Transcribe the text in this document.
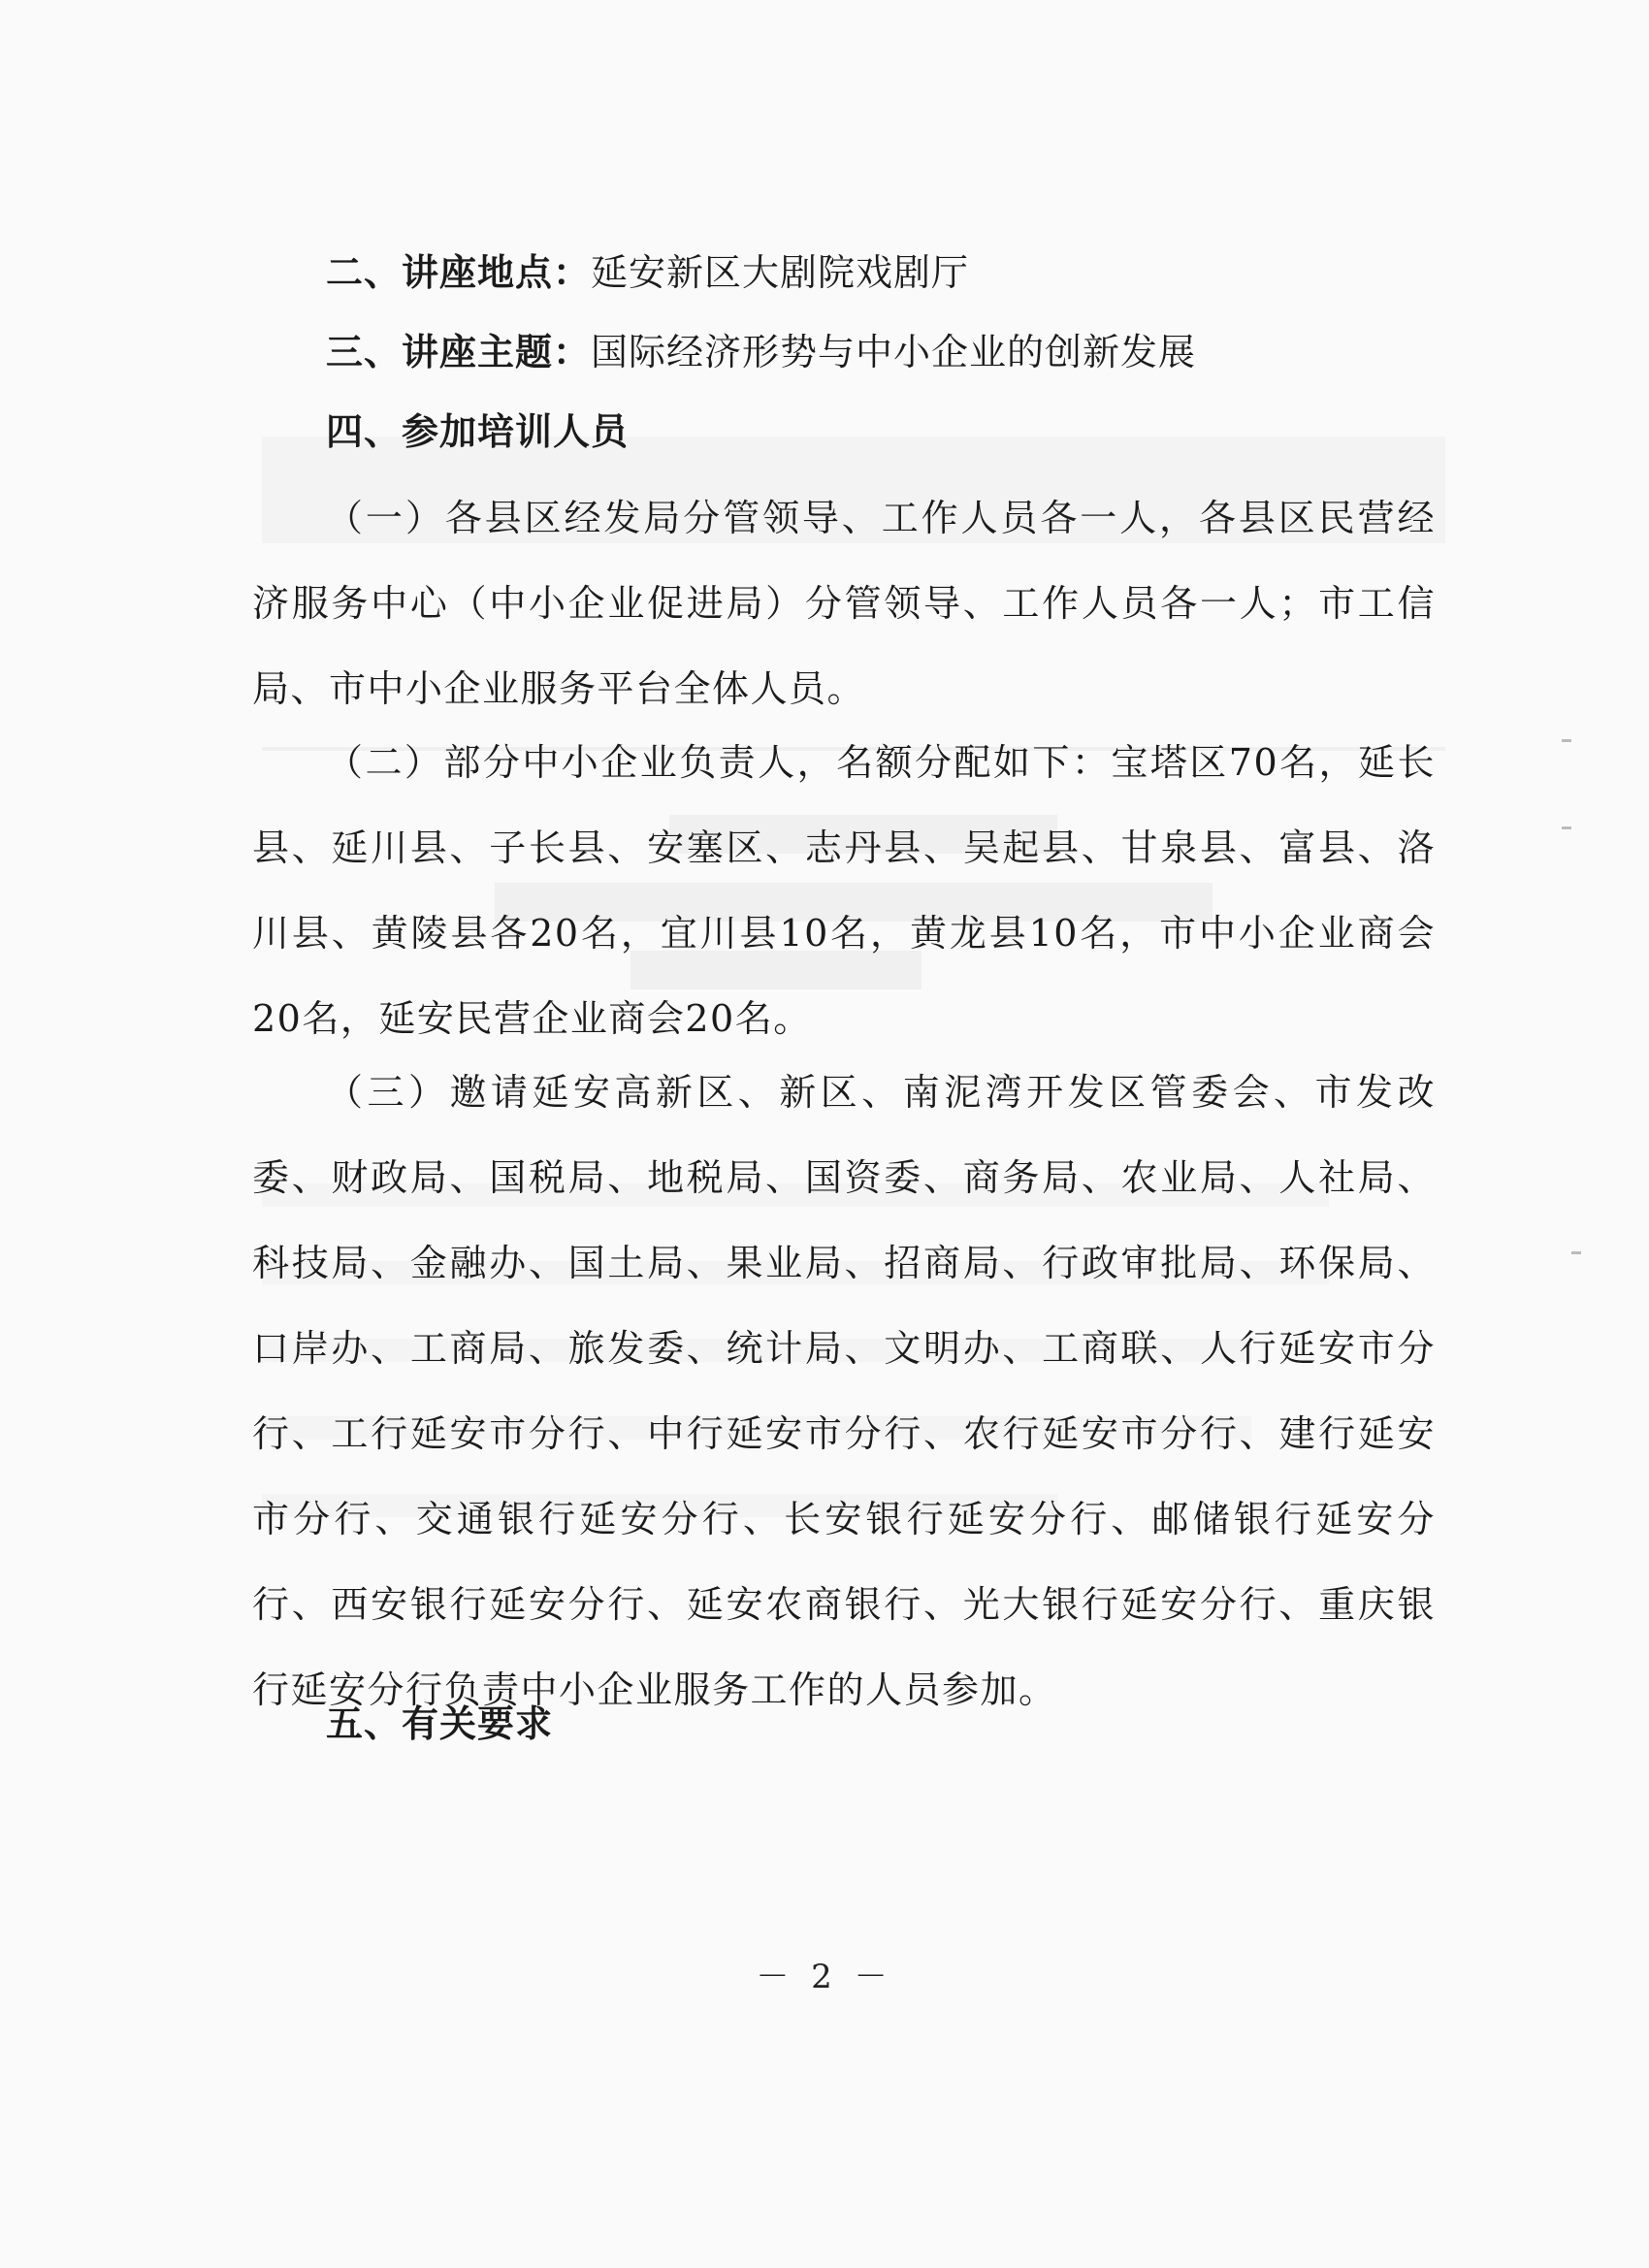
二、讲座地点：延安新区大剧院戏剧厅
三、讲座主题：国际经济形势与中小企业的创新发展
四、参加培训人员
（一）各县区经发局分管领导、工作人员各一人，各县区民营经济服务中心（中小企业促进局）分管领导、工作人员各一人；市工信局、市中小企业服务平台全体人员。
（二）部分中小企业负责人，名额分配如下：宝塔区70名，延长县、延川县、子长县、安塞区、志丹县、吴起县、甘泉县、富县、洛川县、黄陵县各20名，宜川县10名，黄龙县10名，市中小企业商会20名，延安民营企业商会20名。
（三）邀请延安高新区、新区、南泥湾开发区管委会、市发改委、财政局、国税局、地税局、国资委、商务局、农业局、人社局、科技局、金融办、国土局、果业局、招商局、行政审批局、环保局、口岸办、工商局、旅发委、统计局、文明办、工商联、人行延安市分行、工行延安市分行、中行延安市分行、农行延安市分行、建行延安市分行、交通银行延安分行、长安银行延安分行、邮储银行延安分行、西安银行延安分行、延安农商银行、光大银行延安分行、重庆银行延安分行负责中小企业服务工作的人员参加。
五、有关要求
－ 2 －
